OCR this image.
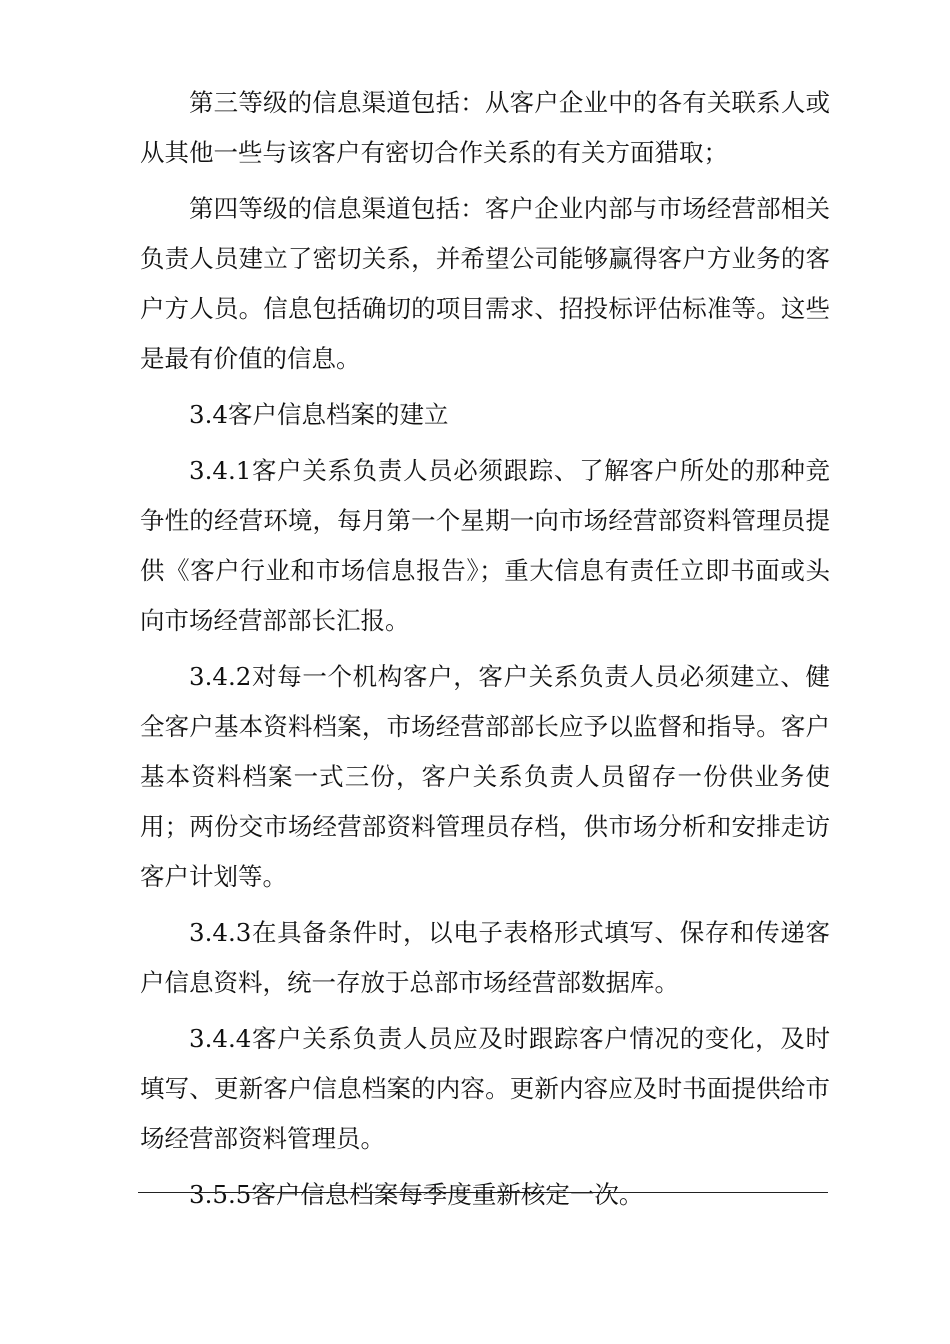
第三等级的信息渠道包括：从客户企业中的各有关联系人或从其他一些与该客户有密切合作关系的有关方面猎取；

第四等级的信息渠道包括：客户企业内部与市场经营部相关负责人员建立了密切关系，并希望公司能够赢得客户方业务的客户方人员。信息包括确切的项目需求、招投标评估标准等。这些是最有价值的信息。

3.4客户信息档案的建立

3.4.1客户关系负责人员必须跟踪、了解客户所处的那种竞争性的经营环境，每月第一个星期一向市场经营部资料管理员提供《客户行业和市场信息报告》；重大信息有责任立即书面或头向市场经营部部长汇报。

3.4.2对每一个机构客户，客户关系负责人员必须建立、健全客户基本资料档案，市场经营部部长应予以监督和指导。客户基本资料档案一式三份，客户关系负责人员留存一份供业务使用；两份交市场经营部资料管理员存档，供市场分析和安排走访客户计划等。

3.4.3在具备条件时，以电子表格形式填写、保存和传递客户信息资料，统一存放于总部市场经营部数据库。

3.4.4客户关系负责人员应及时跟踪客户情况的变化，及时填写、更新客户信息档案的内容。更新内容应及时书面提供给市场经营部资料管理员。

3.5.5客户信息档案每季度重新核定一次。
